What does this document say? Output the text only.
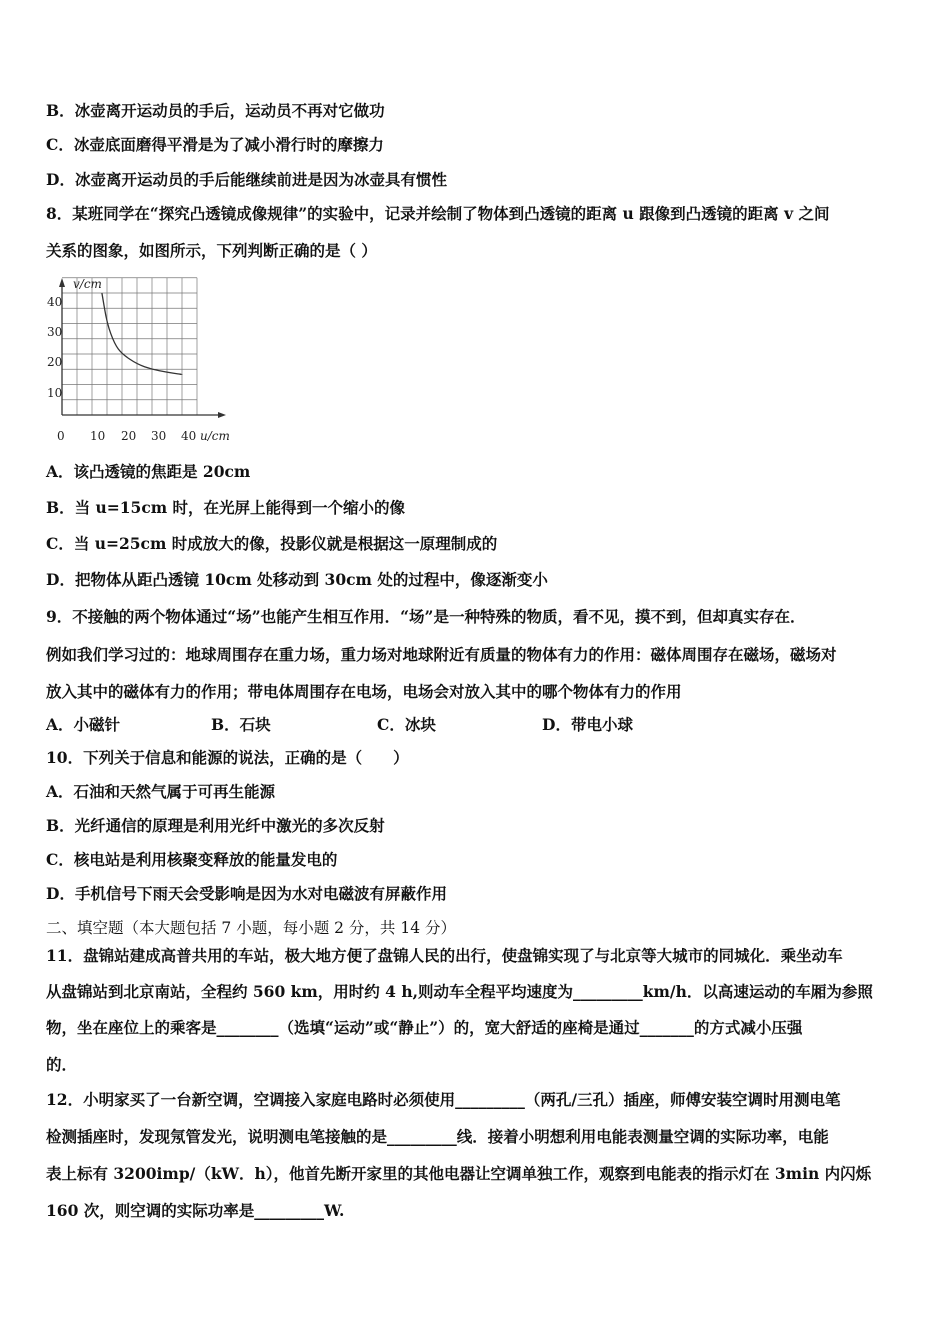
B．冰壶离开运动员的手后，运动员不再对它做功
C．冰壶底面磨得平滑是为了减小滑行时的摩擦力
D．冰壶离开运动员的手后能继续前进是因为冰壶具有惯性
8．某班同学在“探究凸透镜成像规律”的实验中，记录并绘制了物体到凸透镜的距离 u 跟像到凸透镜的距离 v 之间
关系的图象，如图所示，下列判断正确的是（ ）
v/cm
u/cm
0 10 20 30 40
10
20
30
40
A．该凸透镜的焦距是 20cm
B．当 u=15cm 时，在光屏上能得到一个缩小的像
C．当 u=25cm 时成放大的像，投影仪就是根据这一原理制成的
D．把物体从距凸透镜 10cm 处移动到 30cm 处的过程中，像逐渐变小
9．不接触的两个物体通过“场”也能产生相互作用．“场”是一种特殊的物质，看不见，摸不到，但却真实存在．
例如我们学习过的：地球周围存在重力场，重力场对地球附近有质量的物体有力的作用：磁体周围存在磁场，磁场对
放入其中的磁体有力的作用；带电体周围存在电场，电场会对放入其中的哪个物体有力的作用
A．小磁针	B．石块	C．冰块	D．带电小球
10．下列关于信息和能源的说法，正确的是（　　）
A．石油和天然气属于可再生能源
B．光纤通信的原理是利用光纤中激光的多次反射
C．核电站是利用核聚变释放的能量发电的
D．手机信号下雨天会受影响是因为水对电磁波有屏蔽作用
二、填空题（本大题包括 7 小题，每小题 2 分，共 14 分）
11．盘锦站建成高普共用的车站，极大地方便了盘锦人民的出行，使盘锦实现了与北京等大城市的同城化．乘坐动车
从盘锦站到北京南站，全程约 560 km，用时约 4 h,则动车全程平均速度为_________km/h．以高速运动的车厢为参照
物，坐在座位上的乘客是________（选填“运动”或“静止”）的，宽大舒适的座椅是通过_______的方式减小压强
的．
12．小明家买了一台新空调，空调接入家庭电路时必须使用_________（两孔/三孔）插座，师傅安装空调时用测电笔
检测插座时，发现氖管发光，说明测电笔接触的是_________线．接着小明想利用电能表测量空调的实际功率，电能
表上标有 3200imp/（kW．h），他首先断开家里的其他电器让空调单独工作，观察到电能表的指示灯在 3min 内闪烁
160 次，则空调的实际功率是_________W.
